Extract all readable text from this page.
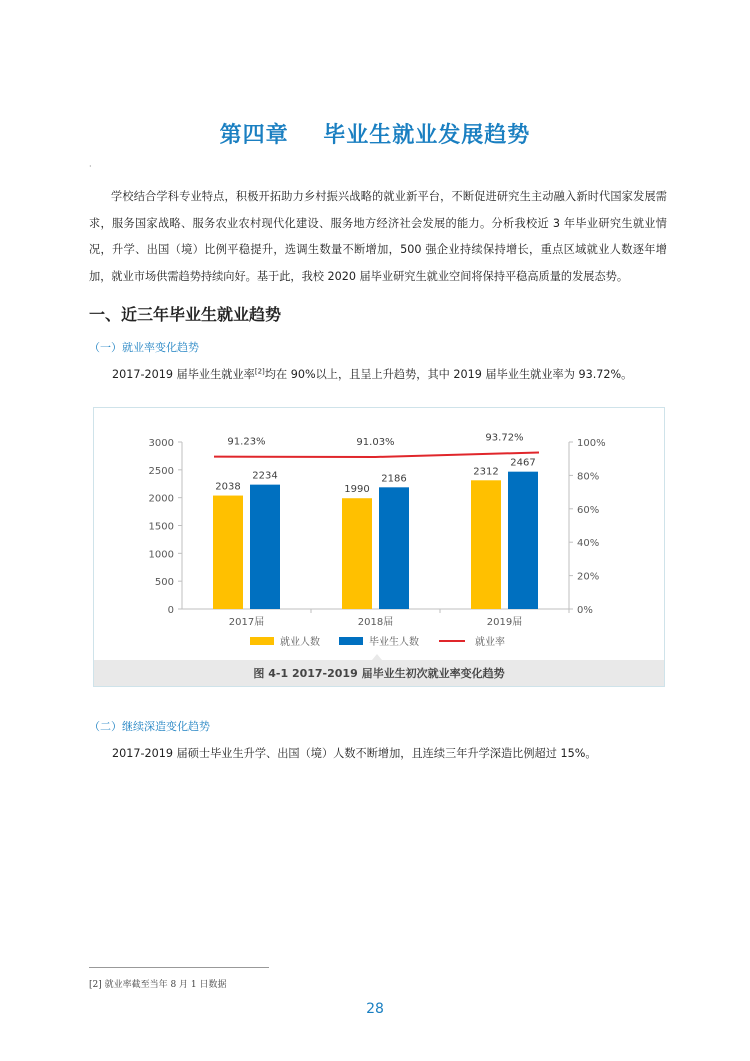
第四章    毕业生就业发展趋势
·
学校结合学科专业特点，积极开拓助力乡村振兴战略的就业新平台，不断促进研究生主动融入新时代国家发展需求，服务国家战略、服务农业农村现代化建设、服务地方经济社会发展的能力。分析我校近 3 年毕业研究生就业情况，升学、出国（境）比例平稳提升，选调生数量不断增加，500 强企业持续保持增长，重点区域就业人数逐年增加，就业市场供需趋势持续向好。基于此，我校 2020 届毕业研究生就业空间将保持平稳高质量的发展态势。
一、近三年毕业生就业趋势
（一）就业率变化趋势
2017-2019 届毕业生就业率[2]均在 90%以上，且呈上升趋势，其中 2019 届毕业生就业率为 93.72%。
0
500
1000
1500
2000
2500
3000
0%
20%
40%
60%
80%
100%
2038
2234
2017届
1990
2186
2018届
2312
2467
2019届
91.23%	91.03%	93.72%
就业人数	毕业生人数	就业率
图 4-1 2017-2019 届毕业生初次就业率变化趋势
（二）继续深造变化趋势
2017-2019 届硕士毕业生升学、出国（境）人数不断增加，且连续三年升学深造比例超过 15%。
[2] 就业率截至当年 8 月 1 日数据
28
